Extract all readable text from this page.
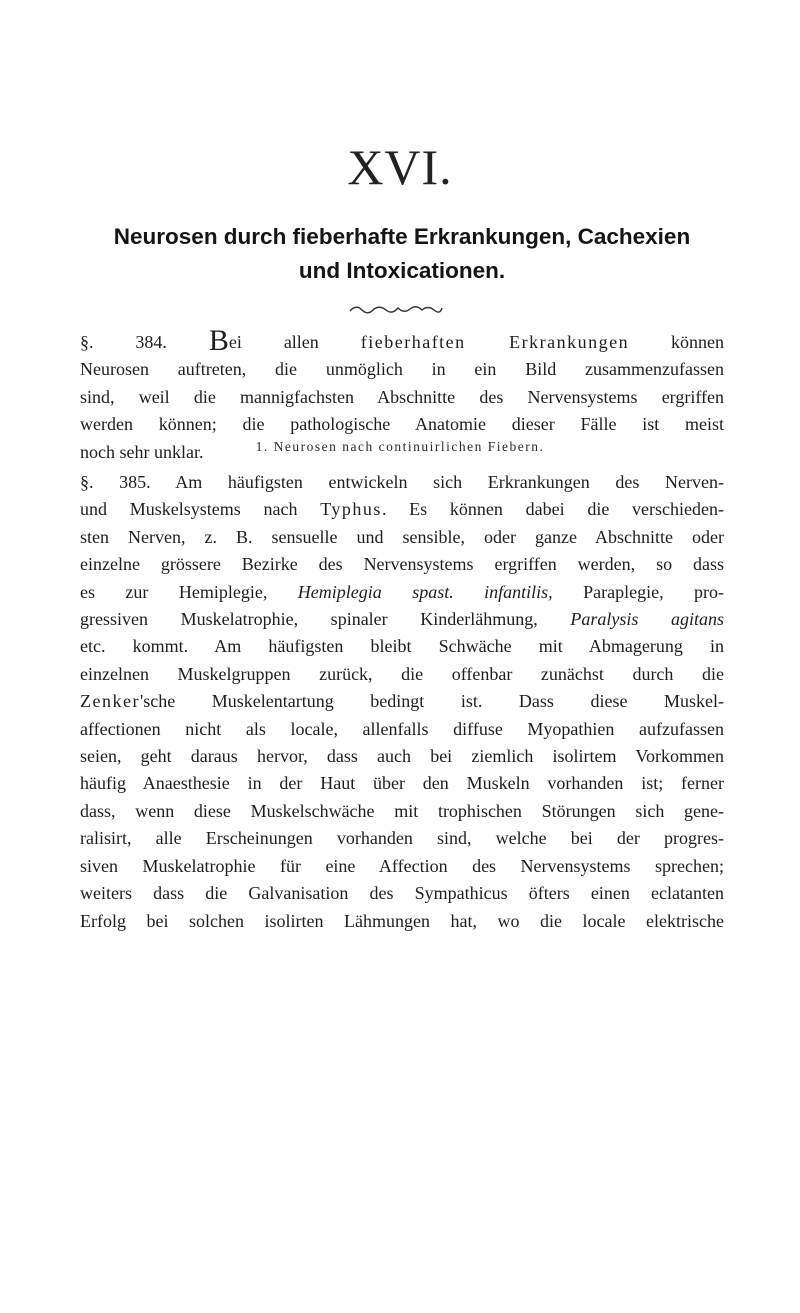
XVI.
Neurosen durch fieberhafte Erkrankungen, Cachexien
und Intoxicationen.
§. 384. Bei allen fieberhaften Erkrankungen können
Neurosen auftreten, die unmöglich in ein Bild zusammenzufassen
sind, weil die mannigfachsten Abschnitte des Nervensystems ergriffen
werden können; die pathologische Anatomie dieser Fälle ist meist
noch sehr unklar.	1. Neurosen nach continuirlichen Fiebern.
§. 385. Am häufigsten entwickeln sich Erkrankungen des Nerven-
und Muskelsystems nach Typhus. Es können dabei die verschieden-
sten Nerven, z. B. sensuelle und sensible, oder ganze Abschnitte oder
einzelne grössere Bezirke des Nervensystems ergriffen werden, so dass
es zur Hemiplegie, Hemiplegia spast. infantilis, Paraplegie, pro-
gressiven Muskelatrophie, spinaler Kinderlähmung, Paralysis agitans
etc. kommt. Am häufigsten bleibt Schwäche mit Abmagerung in
einzelnen Muskelgruppen zurück, die offenbar zunächst durch die
Zenker'sche Muskelentartung bedingt ist. Dass diese Muskel-
affectionen nicht als locale, allenfalls diffuse Myopathien aufzufassen
seien, geht daraus hervor, dass auch bei ziemlich isolirtem Vorkommen
häufig Anaesthesie in der Haut über den Muskeln vorhanden ist; ferner
dass, wenn diese Muskelschwäche mit trophischen Störungen sich gene-
ralisirt, alle Erscheinungen vorhanden sind, welche bei der progres-
siven Muskelatrophie für eine Affection des Nervensystems sprechen;
weiters dass die Galvanisation des Sympathicus öfters einen eclatanten
Erfolg bei solchen isolirten Lähmungen hat, wo die locale elektrische
